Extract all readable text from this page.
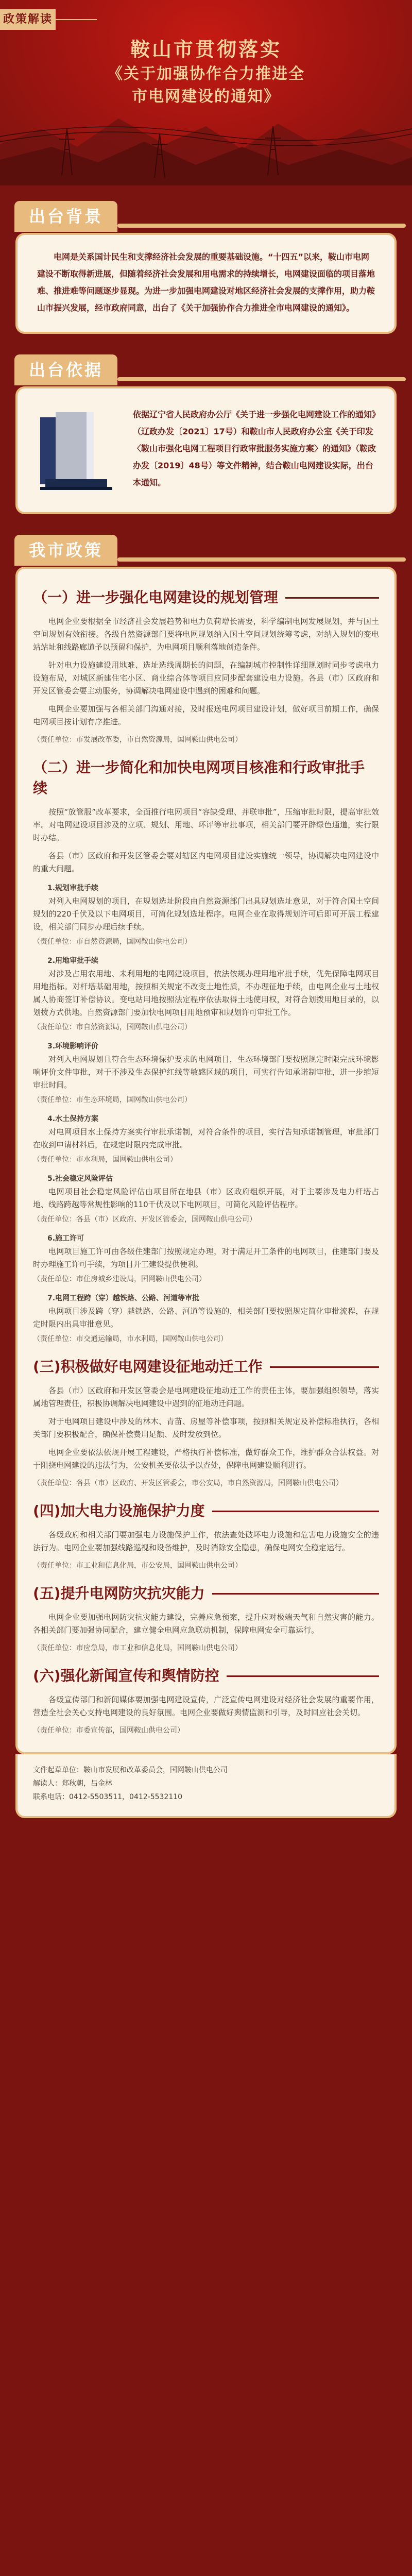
政策解读
鞍山市贯彻落实
《关于加强协作合力推进全
市电网建设的通知》
出台背景

电网是关系国计民生和支撑经济社会发展的重要基础设施。“十四五”以来，鞍山市电网建设不断取得新进展，但随着经济社会发展和用电需求的持续增长，电网建设面临的项目落地难、推进难等问题逐步显现。为进一步加强电网建设对地区经济社会发展的支撑作用，助力鞍山市振兴发展，经市政府同意，出台了《关于加强协作合力推进全市电网建设的通知》。

出台依据

依据辽宁省人民政府办公厅《关于进一步强化电网建设工作的通知》（辽政办发〔2021〕17号）和鞍山市人民政府办公室《关于印发〈鞍山市强化电网工程项目行政审批服务实施方案〉的通知》（鞍政办发〔2019〕48号）等文件精神，结合鞍山电网建设实际，出台本通知。

我市政策
（一）进一步强化电网建设的规划管理

电网企业要根据全市经济社会发展趋势和电力负荷增长需要，科学编制电网发展规划，并与国土空间规划有效衔接。各级自然资源部门要将电网规划纳入国土空间规划统筹考虑，对纳入规划的变电站站址和线路廊道予以预留和保护，为电网项目顺利落地创造条件。

针对电力设施建设用地难、选址选线周期长的问题，在编制城市控制性详细规划时同步考虑电力设施布局，对城区新建住宅小区、商业综合体等项目应同步配套建设电力设施。各县（市）区政府和开发区管委会要主动服务，协调解决电网建设中遇到的困难和问题。

电网企业要加强与各相关部门沟通对接，及时报送电网项目建设计划，做好项目前期工作，确保电网项目按计划有序推进。

（责任单位：市发展改革委，市自然资源局，国网鞍山供电公司）

（二）进一步简化和加快电网项目核准和行政审批手续

按照“放管服”改革要求，全面推行电网项目“容缺受理、并联审批”，压缩审批时限，提高审批效率。对电网建设项目涉及的立项、规划、用地、环评等审批事项，相关部门要开辟绿色通道，实行限时办结。

各县（市）区政府和开发区管委会要对辖区内电网项目建设实施统一领导，协调解决电网建设中的重大问题。

1.规划审批手续

对列入电网规划的项目，在规划选址阶段由自然资源部门出具规划选址意见，对于符合国土空间规划的220千伏及以下电网项目，可简化规划选址程序。电网企业在取得规划许可后即可开展工程建设，相关部门同步办理后续手续。

（责任单位：市自然资源局，国网鞍山供电公司）

2.用地审批手续

对涉及占用农用地、未利用地的电网建设项目，依法依规办理用地审批手续，优先保障电网项目用地指标。对杆塔基础用地，按照相关规定不改变土地性质，不办理征地手续，由电网企业与土地权属人协商签订补偿协议。变电站用地按照法定程序依法取得土地使用权，对符合划拨用地目录的，以划拨方式供地。自然资源部门要加快电网项目用地预审和规划许可审批工作。

（责任单位：市自然资源局，国网鞍山供电公司）

3.环境影响评价

对列入电网规划且符合生态环境保护要求的电网项目，生态环境部门要按照规定时限完成环境影响评价文件审批，对于不涉及生态保护红线等敏感区域的项目，可实行告知承诺制审批，进一步缩短审批时间。

（责任单位：市生态环境局，国网鞍山供电公司）

4.水土保持方案

对电网项目水土保持方案实行审批承诺制，对符合条件的项目，实行告知承诺制管理，审批部门在收到申请材料后，在规定时限内完成审批。

（责任单位：市水利局，国网鞍山供电公司）

5.社会稳定风险评估

电网项目社会稳定风险评估由项目所在地县（市）区政府组织开展，对于主要涉及电力杆塔占地、线路跨越等常规性影响的110千伏及以下电网项目，可简化风险评估程序。

（责任单位：各县（市）区政府、开发区管委会，国网鞍山供电公司）

6.施工许可

电网项目施工许可由各级住建部门按照规定办理，对于满足开工条件的电网项目，住建部门要及时办理施工许可手续，为项目开工建设提供便利。

（责任单位：市住房城乡建设局，国网鞍山供电公司）

7.电网工程跨（穿）越铁路、公路、河道等审批

电网项目涉及跨（穿）越铁路、公路、河道等设施的，相关部门要按照规定简化审批流程，在规定时限内出具审批意见。

（责任单位：市交通运输局，市水利局，国网鞍山供电公司）

(三)积极做好电网建设征地动迁工作

各县（市）区政府和开发区管委会是电网建设征地动迁工作的责任主体，要加强组织领导，落实属地管理责任，积极协调解决电网建设中遇到的征地动迁问题。

对于电网项目建设中涉及的林木、青苗、房屋等补偿事项，按照相关规定及补偿标准执行，各相关部门要积极配合，确保补偿费用足额、及时发放到位。

电网企业要依法依规开展工程建设，严格执行补偿标准，做好群众工作，维护群众合法权益。对于阻挠电网建设的违法行为，公安机关要依法予以查处，保障电网建设顺利进行。

（责任单位：各县（市）区政府、开发区管委会，市公安局，市自然资源局，国网鞍山供电公司）

(四)加大电力设施保护力度

各级政府和相关部门要加强电力设施保护工作，依法查处破坏电力设施和危害电力设施安全的违法行为。电网企业要加强线路巡视和设备维护，及时消除安全隐患，确保电网安全稳定运行。

（责任单位：市工业和信息化局，市公安局，国网鞍山供电公司）

(五)提升电网防灾抗灾能力

电网企业要加强电网防灾抗灾能力建设，完善应急预案，提升应对极端天气和自然灾害的能力。各相关部门要加强协同配合，建立健全电网应急联动机制，保障电网安全可靠运行。

（责任单位：市应急局，市工业和信息化局，国网鞍山供电公司）

(六)强化新闻宣传和舆情防控

各级宣传部门和新闻媒体要加强电网建设宣传，广泛宣传电网建设对经济社会发展的重要作用，营造全社会关心支持电网建设的良好氛围。电网企业要做好舆情监测和引导，及时回应社会关切。

（责任单位：市委宣传部，国网鞍山供电公司）

文件起草单位：鞍山市发展和改革委员会，国网鞍山供电公司

解读人：郑秋朝，吕金林

联系电话：0412-5503511，0412-5532110
